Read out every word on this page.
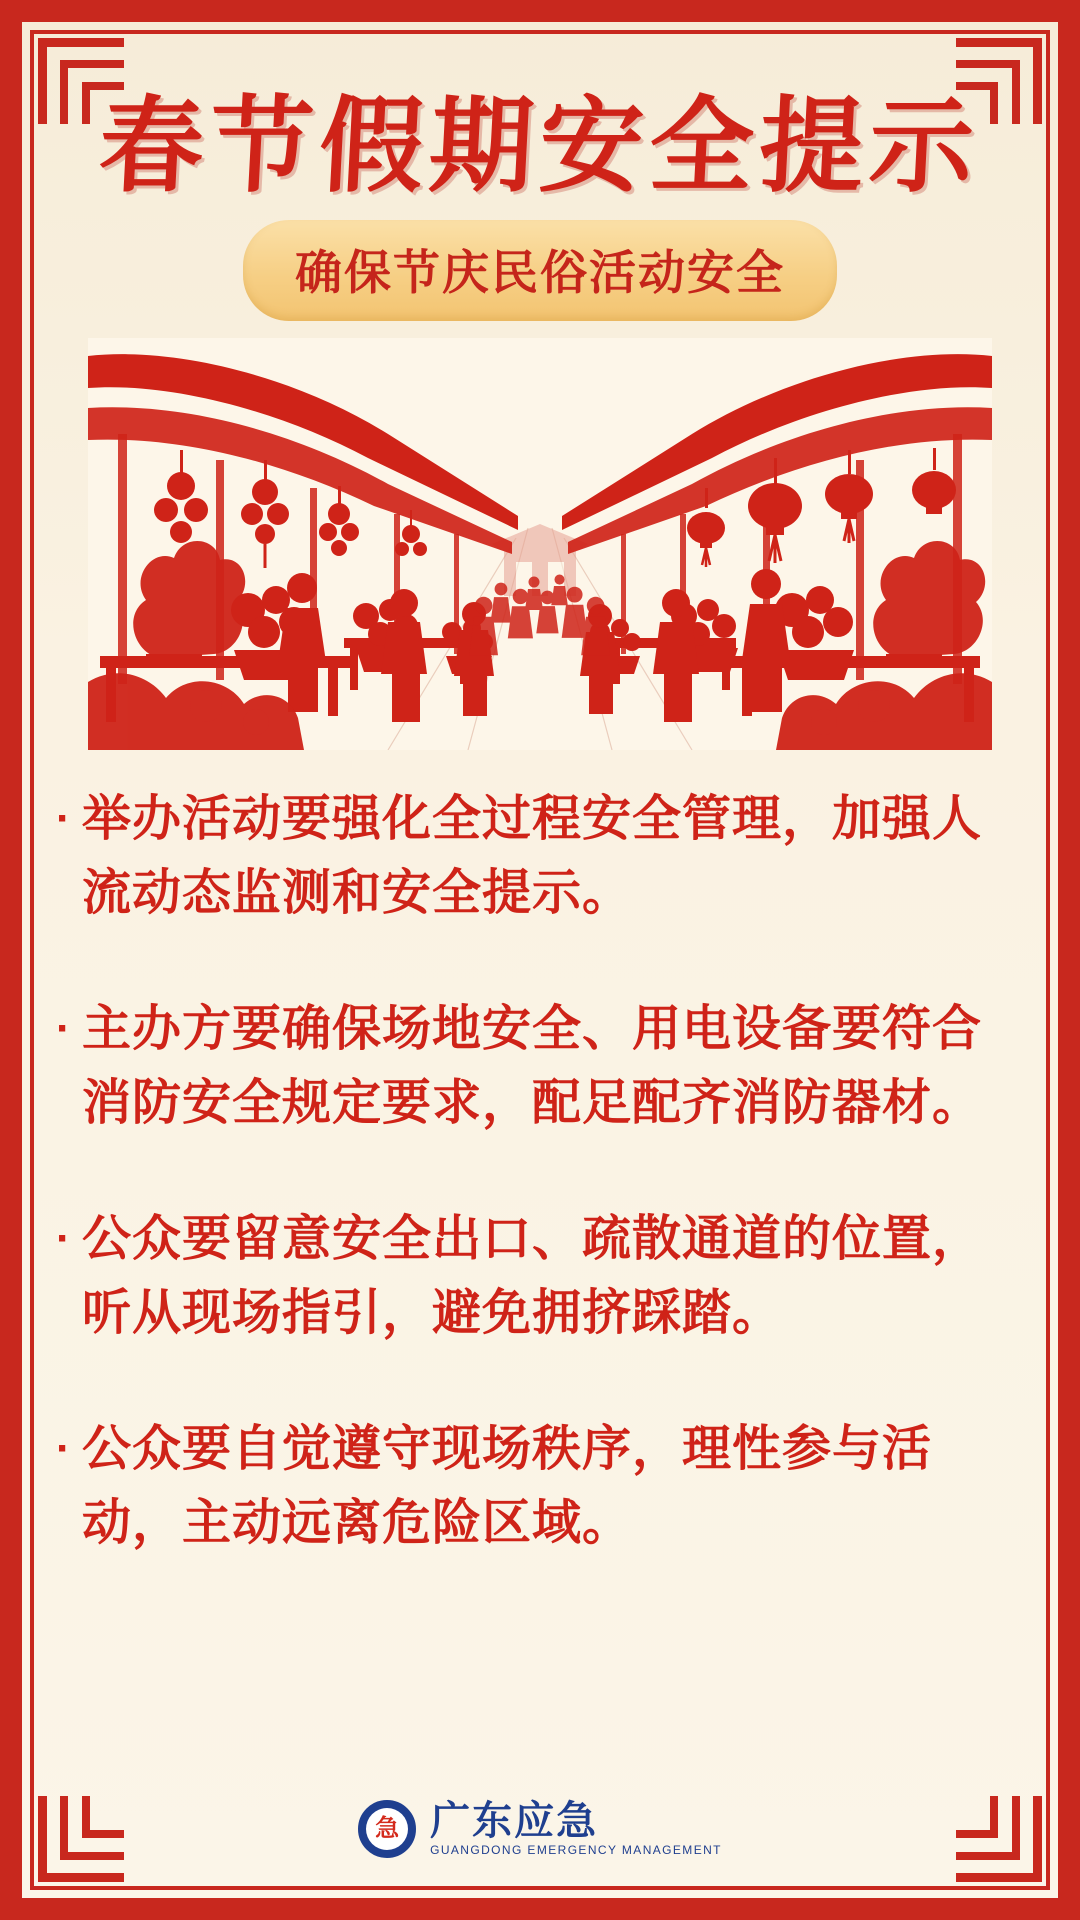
春节假期安全提示
确保节庆民俗活动安全
· 举办活动要强化全过程安全管理，加强人流动态监测和安全提示。
· 主办方要确保场地安全、用电设备要符合消防安全规定要求，配足配齐消防器材。
· 公众要留意安全出口、疏散通道的位置，听从现场指引，避免拥挤踩踏。
· 公众要自觉遵守现场秩序，理性参与活动，主动远离危险区域。
急 广东应急
GUANGDONG EMERGENCY MANAGEMENT
